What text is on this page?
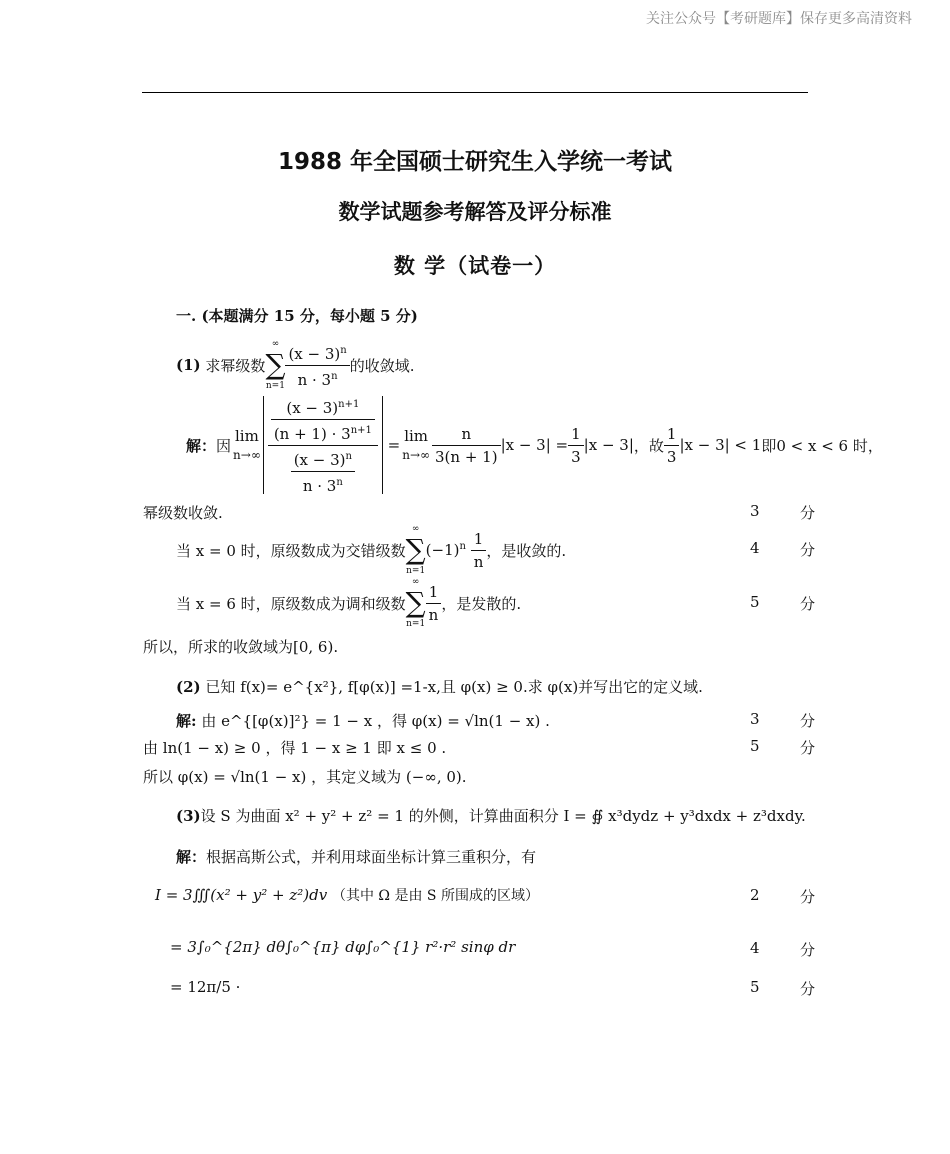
关注公众号【考研题库】保存更多高清资料
1988 年全国硕士研究生入学统一考试
数学试题参考解答及评分标准
数 学（试卷一）
一. (本题满分 15 分，每小题 5 分)
(1)
求幂级数
∞
∑
$n=1 \frac{(x - 3)^n}{n \cdot 3^n}$ 的收敛域.
解： 因
lim
$n\to\infty \frac{\frac{(x - 3)^{n+1}}{(n + 1) \cdot 3^{n+1}}}{\frac{(x - 3)^n}{n \cdot 3^n}} = \lim$
$n\to\infty \frac{n}{3(n + 1)} |x - 3| = \frac{1}{3} |x - 3|$ ，故 $\frac{1}{3} |x - 3| < 1$ 即0 < x < 6 时，
幂级数收敛.	3	分
当 x = 0 时，原级数成为交错级数
∞
∑
n=1
$(-1)^n \frac{1}{n}$ ，是收敛的.	4	分
当 x = 6 时，原级数成为调和级数
∞
∑
$n=1 \frac{1}{n}$ ，是发散的.	5	分
所以，所求的收敛域为[0, 6).
(2) 已知 f(x)= e^{x²}, f[φ(x)] =1-x,且 φ(x) ≥ 0.求 φ(x)并写出它的定义域.
解: 由 e^{[φ(x)]²} = 1 − x ，得 φ(x) = √ln(1 − x) .	3	分
由 ln(1 − x) ≥ 0 ，得 1 − x ≥ 1 即 x ≤ 0 .	5	分
所以 φ(x) = √ln(1 − x) ，其定义域为 (−∞, 0).
(3)设 S 为曲面 x² + y² + z² = 1 的外侧，计算曲面积分 I = ∯ x³dydz + y³dxdx + z³dxdy.
解：根据高斯公式，并利用球面坐标计算三重积分，有
I = 3∭(x² + y² + z²)dv （其中 Ω 是由 S 所围成的区域）	2	分
= 3∫₀^{2π} dθ∫₀^{π} dφ∫₀^{1} r²·r² sinφ dr	4	分
= 12π/5 ·	5	分
